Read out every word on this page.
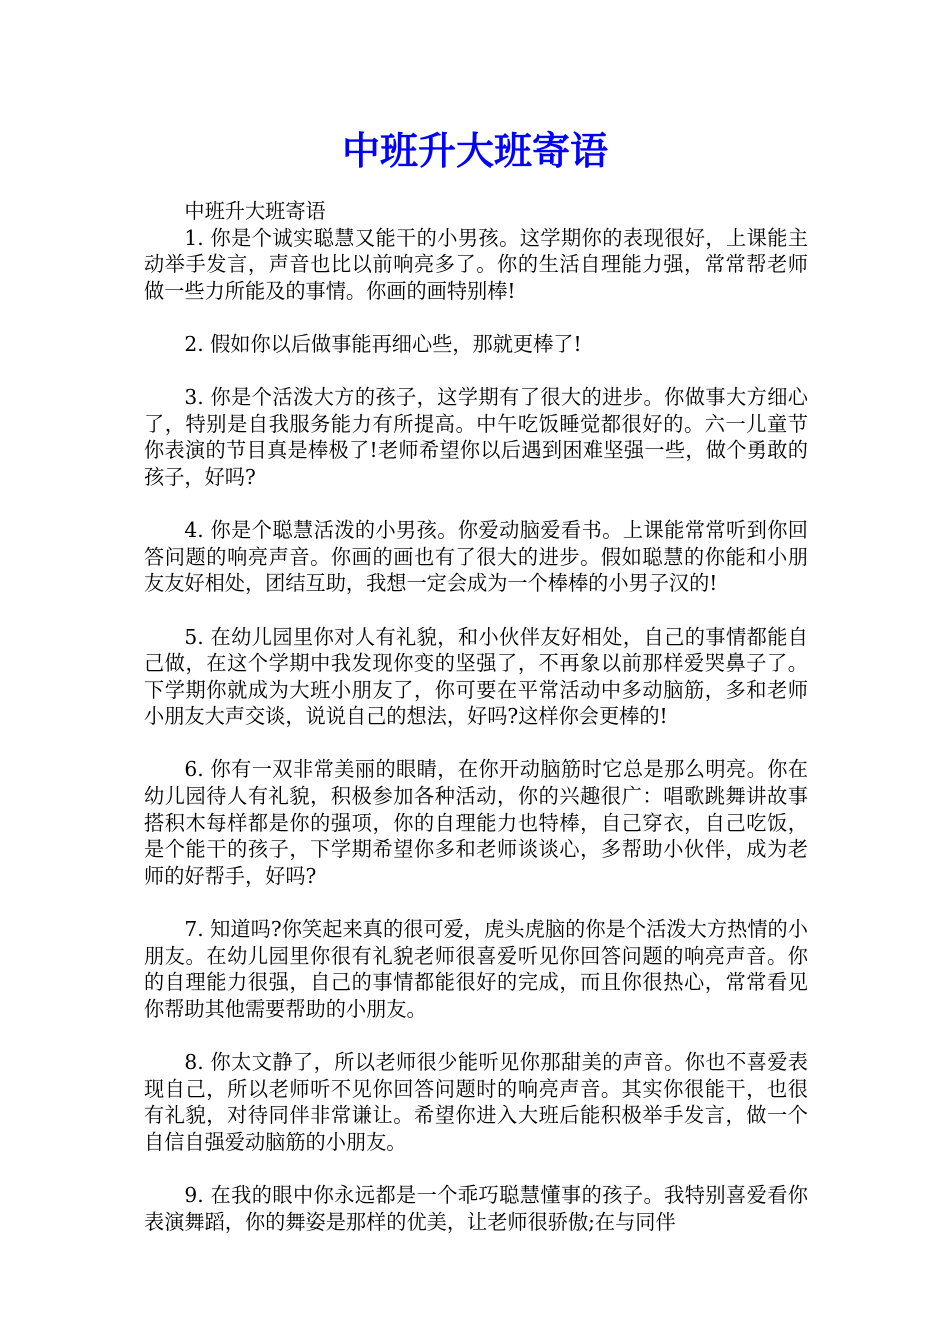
中班升大班寄语

中班升大班寄语

1. 你是个诚实聪慧又能干的小男孩。这学期你的表现很好，上课能主动举手发言，声音也比以前响亮多了。你的生活自理能力强，常常帮老师做一些力所能及的事情。你画的画特别棒!

2. 假如你以后做事能再细心些，那就更棒了!

3. 你是个活泼大方的孩子，这学期有了很大的进步。你做事大方细心了，特别是自我服务能力有所提高。中午吃饭睡觉都很好的。六一儿童节你表演的节目真是棒极了!老师希望你以后遇到困难坚强一些，做个勇敢的孩子，好吗?

4. 你是个聪慧活泼的小男孩。你爱动脑爱看书。上课能常常听到你回答问题的响亮声音。你画的画也有了很大的进步。假如聪慧的你能和小朋友友好相处，团结互助，我想一定会成为一个棒棒的小男子汉的!

5. 在幼儿园里你对人有礼貌，和小伙伴友好相处，自己的事情都能自己做，在这个学期中我发现你变的坚强了，不再象以前那样爱哭鼻子了。下学期你就成为大班小朋友了，你可要在平常活动中多动脑筋，多和老师小朋友大声交谈，说说自己的想法，好吗?这样你会更棒的!

6. 你有一双非常美丽的眼睛，在你开动脑筋时它总是那么明亮。你在幼儿园待人有礼貌，积极参加各种活动，你的兴趣很广：唱歌跳舞讲故事搭积木每样都是你的强项，你的自理能力也特棒，自己穿衣，自己吃饭，是个能干的孩子，下学期希望你多和老师谈谈心，多帮助小伙伴，成为老师的好帮手，好吗?

7. 知道吗?你笑起来真的很可爱，虎头虎脑的你是个活泼大方热情的小朋友。在幼儿园里你很有礼貌老师很喜爱听见你回答问题的响亮声音。你的自理能力很强，自己的事情都能很好的完成，而且你很热心，常常看见你帮助其他需要帮助的小朋友。

8. 你太文静了，所以老师很少能听见你那甜美的声音。你也不喜爱表现自己，所以老师听不见你回答问题时的响亮声音。其实你很能干，也很有礼貌，对待同伴非常谦让。希望你进入大班后能积极举手发言，做一个自信自强爱动脑筋的小朋友。

9. 在我的眼中你永远都是一个乖巧聪慧懂事的孩子。我特别喜爱看你表演舞蹈，你的舞姿是那样的优美，让老师很骄傲;在与同伴
